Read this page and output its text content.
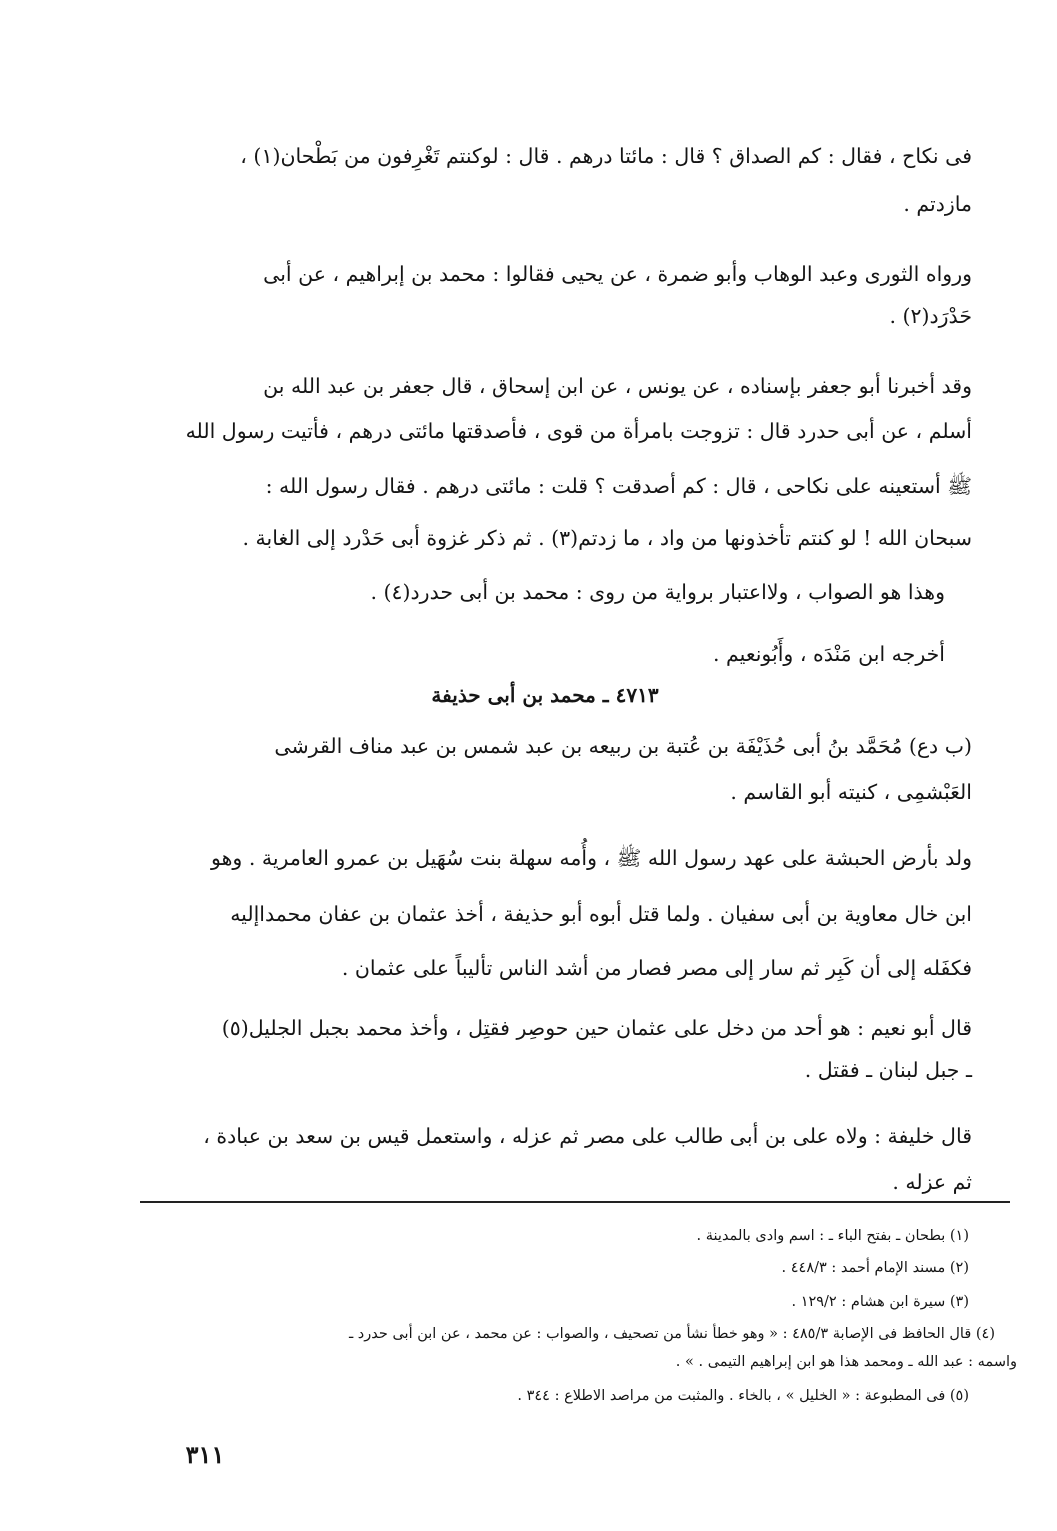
فى نكاح ، فقال : كم الصداق ؟ قال : مائتا درهم . قال : لوكنتم تَغْرِفون من بَطْحان(١) ،

مازدتم .

ورواه الثورى وعبد الوهاب وأبو ضمرة ، عن يحيى فقالوا : محمد بن إبراهيم ، عن أبى

حَدْرَد(٢) .

وقد أخبرنا أبو جعفر بإسناده ، عن يونس ، عن ابن إسحاق ، قال جعفر بن عبد الله بن

أسلم ، عن أبى حدرد قال : تزوجت بامرأة من قوى ، فأصدقتها مائتى درهم ، فأتيت رسول الله

ﷺ أستعينه على نكاحى ، قال : كم أصدقت ؟ قلت : مائتى درهم . فقال رسول الله :

سبحان الله ! لو كنتم تأخذونها من واد ، ما زدتم(٣) . ثم ذكر غزوة أبى حَدْرد إلى الغابة .

وهذا هو الصواب ، ولااعتبار برواية من روى : محمد بن أبى حدرد(٤) .

أخرجه ابن مَنْدَه ، وأَبُونعيم .

٤٧١٣ ـ محمد بن أبى حذيفة

(ب دع) مُحَمَّد بنُ أبى حُذَيْفَة بن عُتبة بن ربيعه بن عبد شمس بن عبد مناف القرشى

العَبْشمِى ، كنيته أبو القاسم .

ولد بأرض الحبشة على عهد رسول الله ﷺ ، وأُمه سهلة بنت سُهَيل بن عمرو العامرية . وهو

ابن خال معاوية بن أبى سفيان . ولما قتل أبوه أبو حذيفة ، أخذ عثمان بن عفان محمداإليه

فكفَله إلى أن كَبِر ثم سار إلى مصر فصار من أشد الناس تأليباً على عثمان .

قال أبو نعيم : هو أحد من دخل على عثمان حين حوصِر فقتِل ، وأخذ محمد بجبل الجليل(٥)

ـ جبل لبنان ـ فقتل .

قال خليفة : ولاه على بن أبى طالب على مصر ثم عزله ، واستعمل قيس بن سعد بن عبادة ،

ثم عزله .

(١) بطحان ـ بفتح الباء ـ : اسم وادى بالمدينة .

(٢) مسند الإمام أحمد : ٤٤٨/٣ .

(٣) سيرة ابن هشام : ١٢٩/٢ .

(٤) قال الحافظ فى الإصابة ٤٨٥/٣ : « وهو خطأ نشأ من تصحيف ، والصواب : عن محمد ، عن ابن أبى حدرد ـ

واسمه : عبد الله ـ ومحمد هذا هو ابن إبراهيم التيمى . » .

(٥) فى المطبوعة : « الخليل » ، بالخاء . والمثبت من مراصد الاطلاع : ٣٤٤ .

٣١١
